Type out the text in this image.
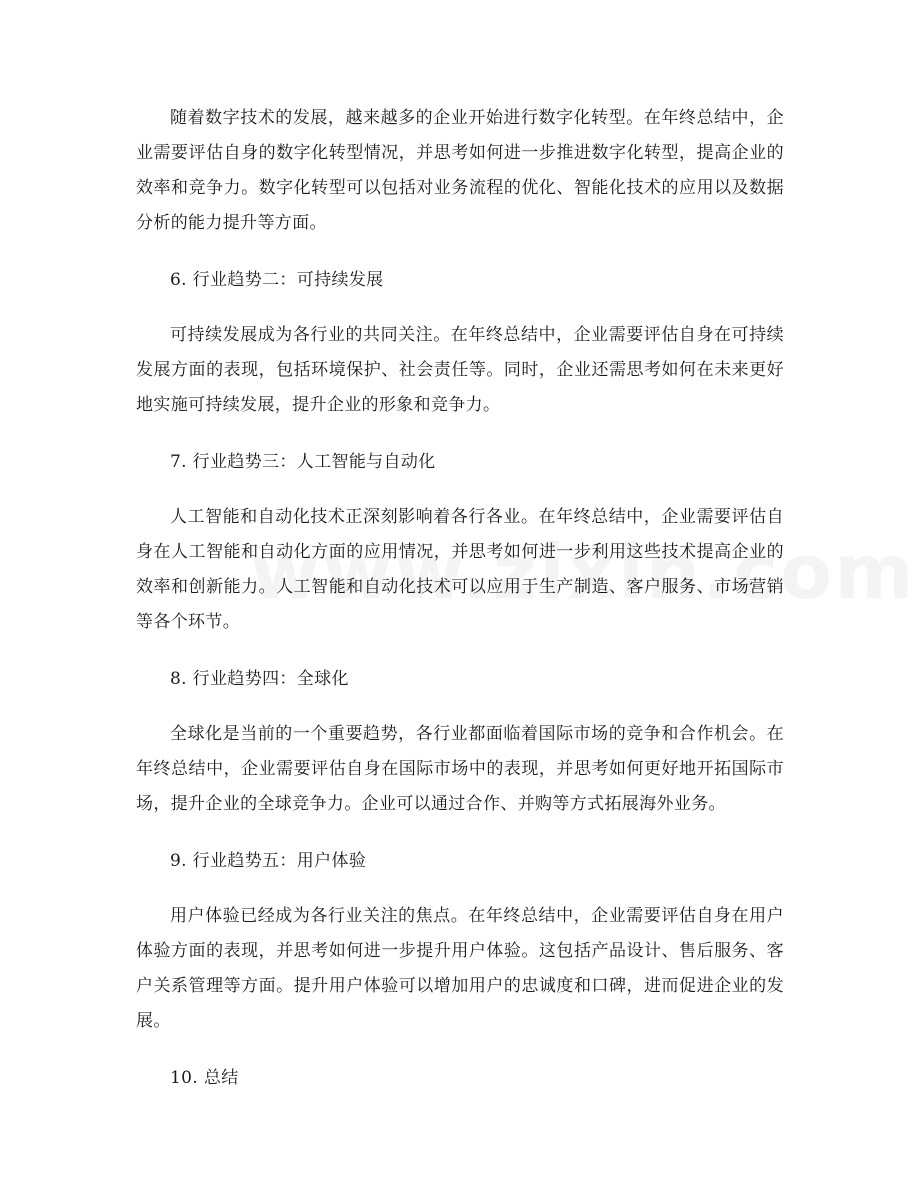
随着数字技术的发展，越来越多的企业开始进行数字化转型。在年终总结中，企业需要评估自身的数字化转型情况，并思考如何进一步推进数字化转型，提高企业的效率和竞争力。数字化转型可以包括对业务流程的优化、智能化技术的应用以及数据分析的能力提升等方面。

6. 行业趋势二：可持续发展

可持续发展成为各行业的共同关注。在年终总结中，企业需要评估自身在可持续发展方面的表现，包括环境保护、社会责任等。同时，企业还需思考如何在未来更好地实施可持续发展，提升企业的形象和竞争力。

7. 行业趋势三：人工智能与自动化

人工智能和自动化技术正深刻影响着各行各业。在年终总结中，企业需要评估自身在人工智能和自动化方面的应用情况，并思考如何进一步利用这些技术提高企业的效率和创新能力。人工智能和自动化技术可以应用于生产制造、客户服务、市场营销等各个环节。

8. 行业趋势四：全球化

全球化是当前的一个重要趋势，各行业都面临着国际市场的竞争和合作机会。在年终总结中，企业需要评估自身在国际市场中的表现，并思考如何更好地开拓国际市场，提升企业的全球竞争力。企业可以通过合作、并购等方式拓展海外业务。

9. 行业趋势五：用户体验

用户体验已经成为各行业关注的焦点。在年终总结中，企业需要评估自身在用户体验方面的表现，并思考如何进一步提升用户体验。这包括产品设计、售后服务、客户关系管理等方面。提升用户体验可以增加用户的忠诚度和口碑，进而促进企业的发展。

10. 总结
